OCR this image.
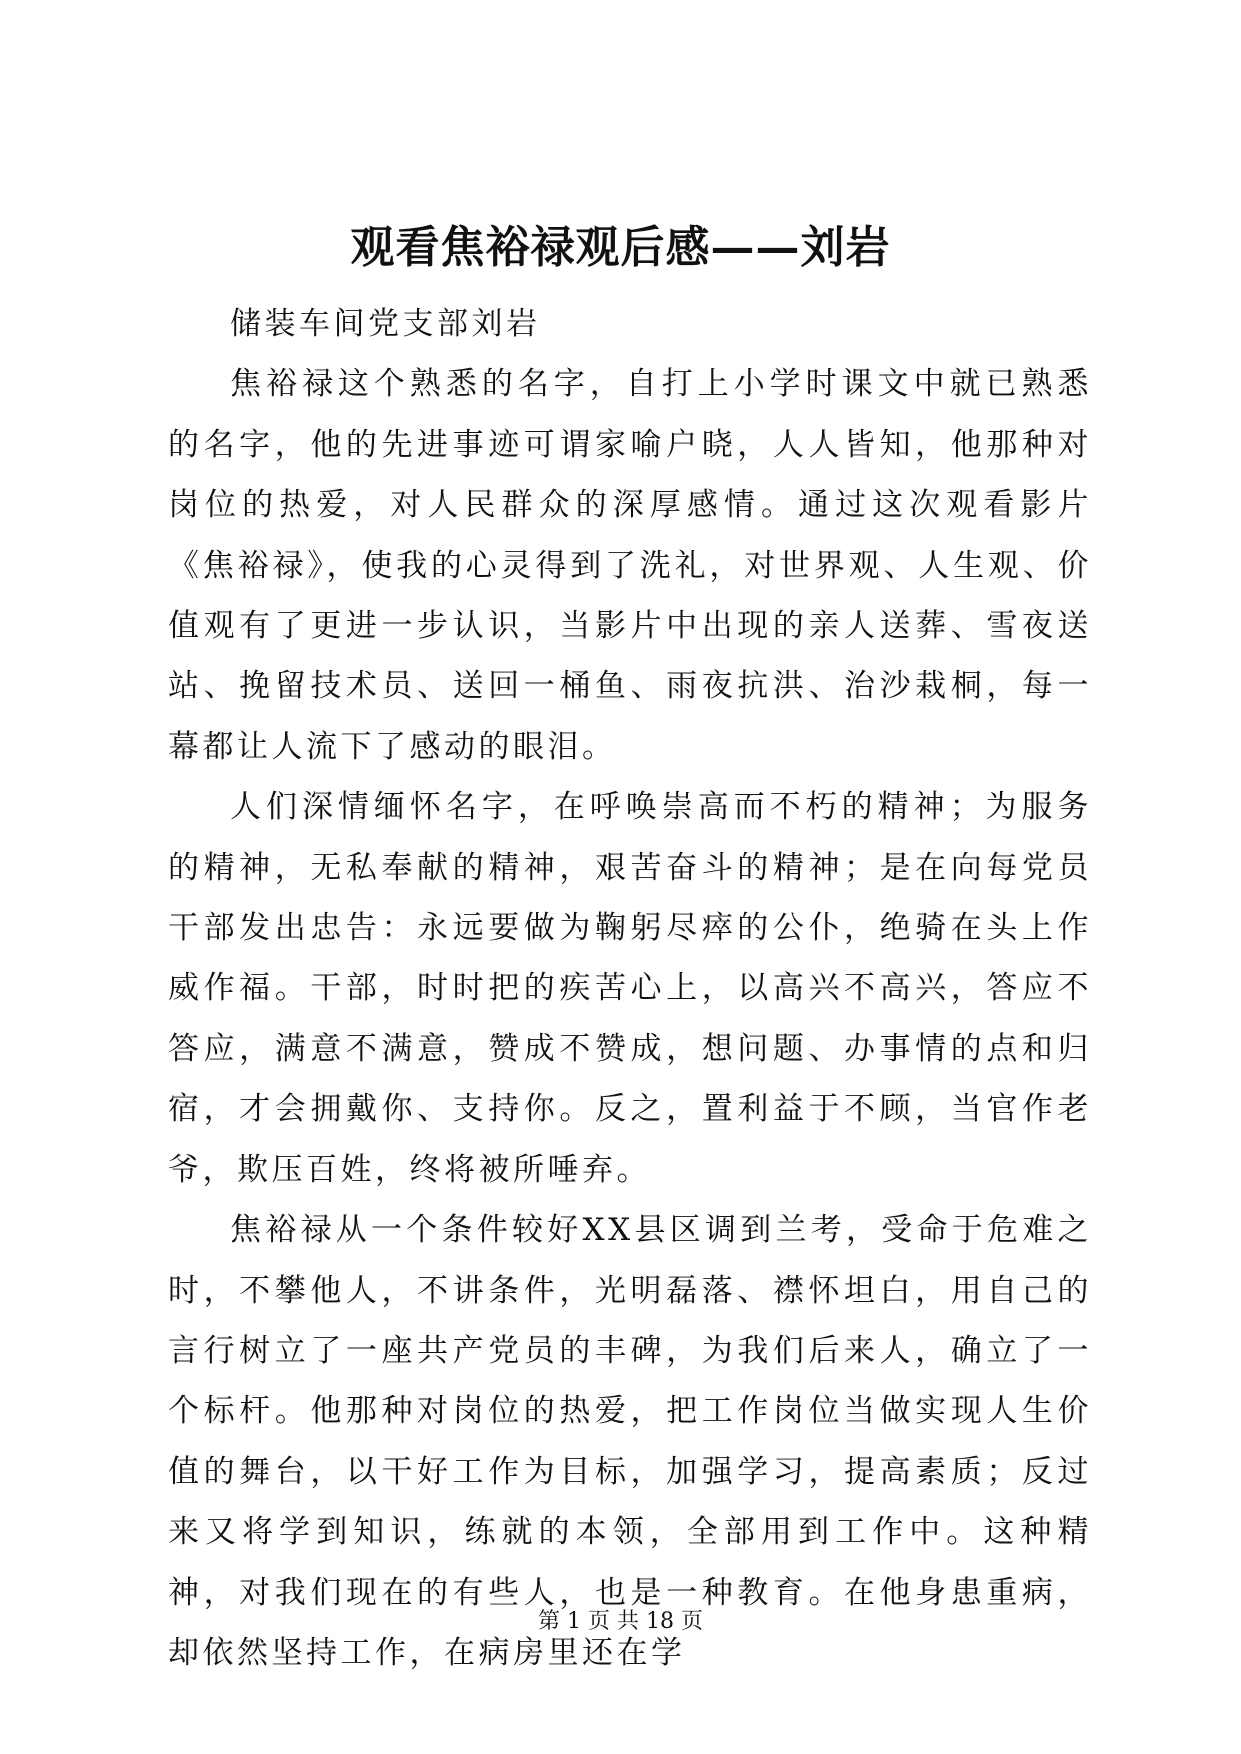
观看焦裕禄观后感——刘岩

储装车间党支部刘岩

焦裕禄这个熟悉的名字，自打上小学时课文中就已熟悉的名字，他的先进事迹可谓家喻户晓，人人皆知，他那种对岗位的热爱，对人民群众的深厚感情。通过这次观看影片《焦裕禄》，使我的心灵得到了洗礼，对世界观、人生观、价值观有了更进一步认识，当影片中出现的亲人送葬、雪夜送站、挽留技术员、送回一桶鱼、雨夜抗洪、治沙栽桐，每一幕都让人流下了感动的眼泪。

人们深情缅怀名字，在呼唤崇高而不朽的精神；为服务的精神，无私奉献的精神，艰苦奋斗的精神；是在向每党员干部发出忠告：永远要做为鞠躬尽瘁的公仆，绝骑在头上作威作福。干部，时时把的疾苦心上，以高兴不高兴，答应不答应，满意不满意，赞成不赞成，想问题、办事情的点和归宿，才会拥戴你、支持你。反之，置利益于不顾，当官作老爷，欺压百姓，终将被所唾弃。

焦裕禄从一个条件较好XX县区调到兰考，受命于危难之时，不攀他人，不讲条件，光明磊落、襟怀坦白，用自己的言行树立了一座共产党员的丰碑，为我们后来人，确立了一个标杆。他那种对岗位的热爱，把工作岗位当做实现人生价值的舞台，以干好工作为目标，加强学习，提高素质；反过来又将学到知识，练就的本领，全部用到工作中。这种精神，对我们现在的有些人，也是一种教育。在他身患重病，却依然坚持工作，在病房里还在学

第 1 页 共 18 页
